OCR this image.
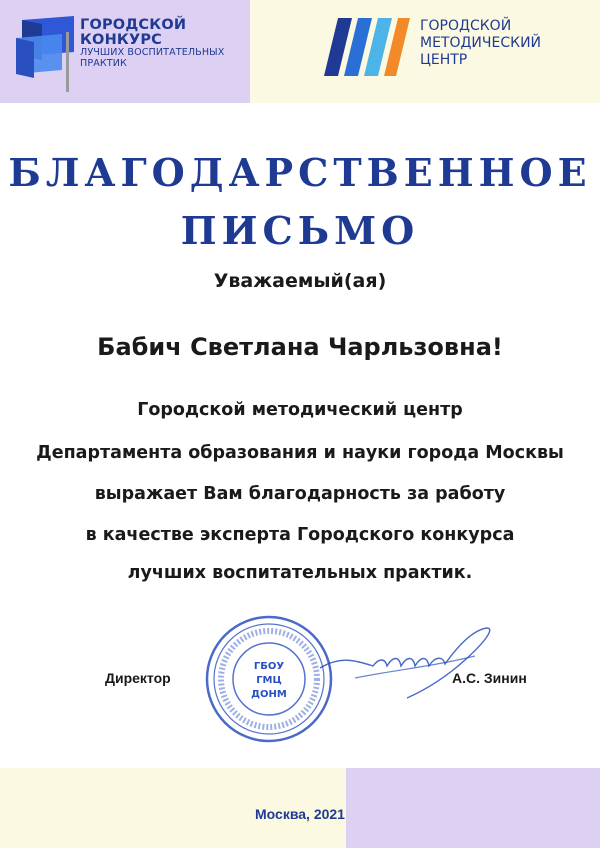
ГОРОДСКОЙ
КОНКУРС
ЛУЧШИХ ВОСПИТАТЕЛЬНЫХ
ПРАКТИК
ГОРОДСКОЙ
МЕТОДИЧЕСКИЙ
ЦЕНТР
БЛАГОДАРСТВЕННОЕ
ПИСЬМО
Уважаемый(ая)
Бабич Светлана Чарльзовна!
Городской методический центр
Департамента образования и науки города Москвы
выражает Вам благодарность за работу
в качестве эксперта Городского конкурса
лучших воспитательных практик.
ГБОУ
ГМЦ
ДОНМ
Директор	А.С. Зинин
Москва, 2021
